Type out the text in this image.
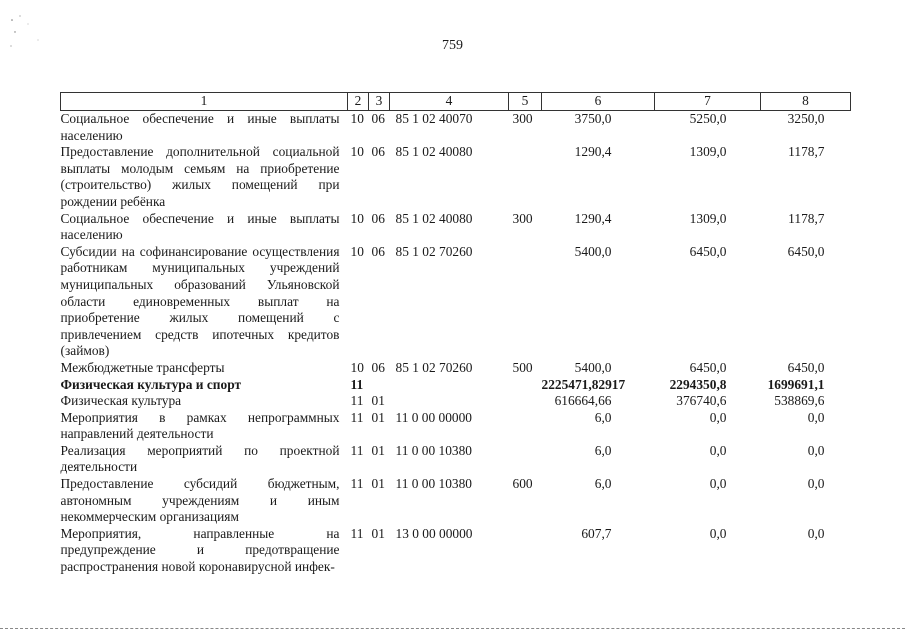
759
1	2	3	4	5	6	7	8
Социальное обеспечение и иные выплаты населению	10	06	85 1 02 40070	300	3750,0	5250,0	3250,0
Предоставление дополнительной социальной выплаты молодым семьям на приобретение (строительство) жилых помещений при рождении ребёнка	10	06	85 1 02 40080		1290,4	1309,0	1178,7
Социальное обеспечение и иные выплаты населению	10	06	85 1 02 40080	300	1290,4	1309,0	1178,7
Субсидии на софинансирование осуществления работникам муниципальных учреждений муниципальных образований Ульяновской области единовременных выплат на приобретение жилых помещений с привлечением средств ипотечных кредитов (займов)	10	06	85 1 02 70260		5400,0	6450,0	6450,0
Межбюджетные трансферты	10	06	85 1 02 70260	500	5400,0	6450,0	6450,0
Физическая культура и спорт	11				2225471,82917	2294350,8	1699691,1
Физическая культура	11	01			616664,66	376740,6	538869,6
Мероприятия в рамках непрограммных направлений деятельности	11	01	11 0 00 00000		6,0	0,0	0,0
Реализация мероприятий по проектной деятельности	11	01	11 0 00 10380		6,0	0,0	0,0
Предоставление субсидий бюджетным, автономным учреждениям и иным некоммерческим организациям	11	01	11 0 00 10380	600	6,0	0,0	0,0
Мероприятия, направленные на предупреждение и предотвращение распространения новой коронавирусной инфек-	11	01	13 0 00 00000		607,7	0,0	0,0
